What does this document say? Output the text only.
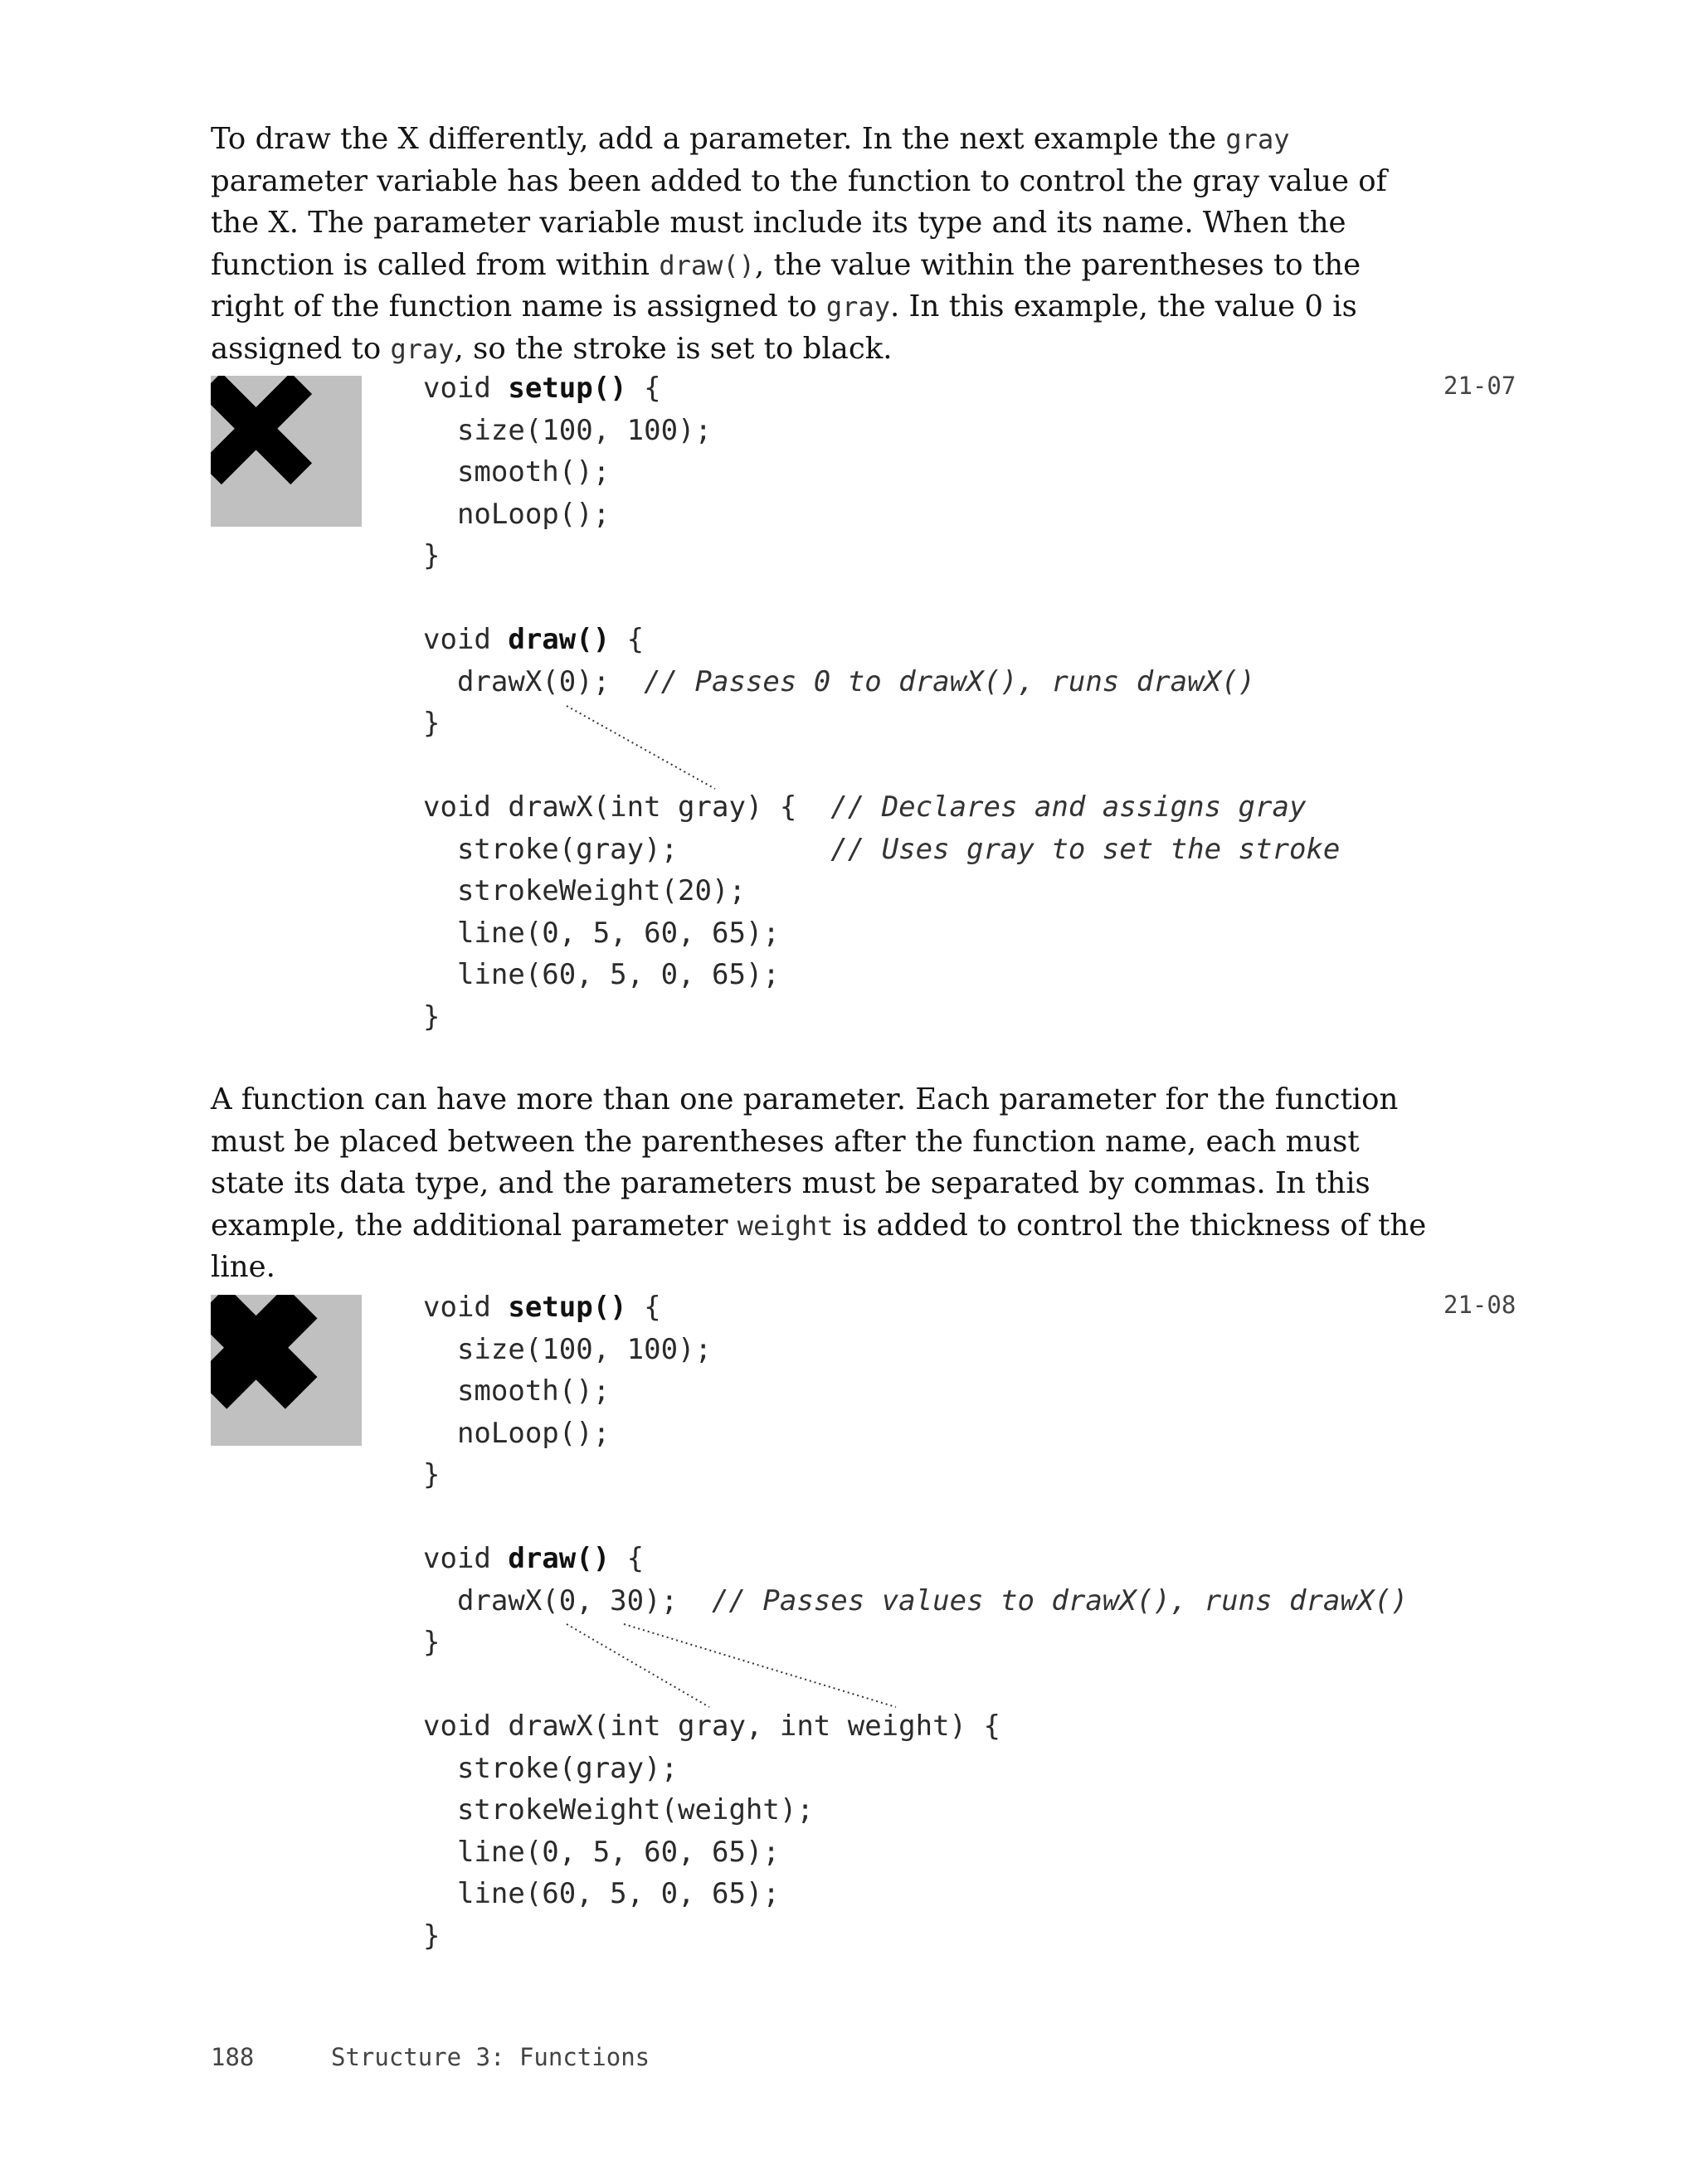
To draw the X differently, add a parameter. In the next example the gray parameter variable has been added to the function to control the gray value of the X. The parameter variable must include its type and its name. When the function is called from within draw(), the value within the parentheses to the right of the function name is assigned to gray. In this example, the value 0 is assigned to gray, so the stroke is set to black.

void setup() {
size(100, 100);
smooth();
noLoop();
}
void draw() {
drawX(0);  // Passes 0 to drawX(), runs drawX()
}
void drawX(int gray) {  // Declares and assigns gray
stroke(gray);         // Uses gray to set the stroke
strokeWeight(20);
line(0, 5, 60, 65);
line(60, 5, 0, 65);
}
21-07

A function can have more than one parameter. Each parameter for the function must be placed between the parentheses after the function name, each must state its data type, and the parameters must be separated by commas. In this example, the additional parameter weight is added to control the thickness of the line.

void setup() {
size(100, 100);
smooth();
noLoop();
}
void draw() {
drawX(0, 30);  // Passes values to drawX(), runs drawX()
}
void drawX(int gray, int weight) {
stroke(gray);
strokeWeight(weight);
line(0, 5, 60, 65);
line(60, 5, 0, 65);
}
21-08
188	Structure 3: Functions
